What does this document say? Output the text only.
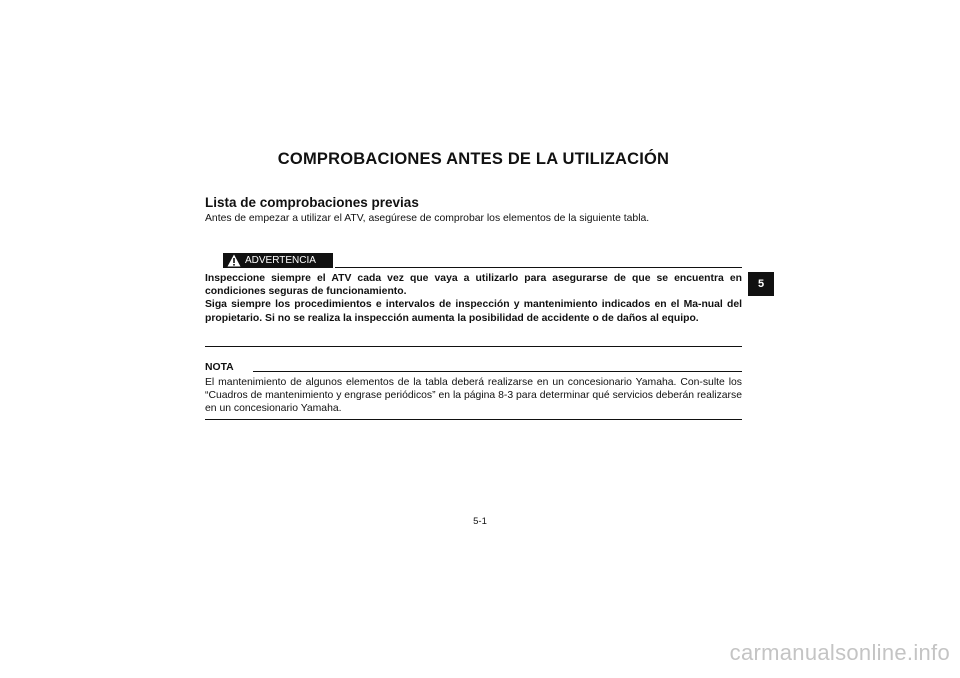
COMPROBACIONES ANTES DE LA UTILIZACIÓN
Lista de comprobaciones previas
Antes de empezar a utilizar el ATV, asegúrese de comprobar los elementos de la siguiente tabla.
ADVERTENCIA

Inspeccione siempre el ATV cada vez que vaya a utilizarlo para asegurarse de que se encuentra en condiciones seguras de funcionamiento.

Siga siempre los procedimientos e intervalos de inspección y mantenimiento indicados en el Ma-nual del propietario. Si no se realiza la inspección aumenta la posibilidad de accidente o de daños al equipo.

NOTA
El mantenimiento de algunos elementos de la tabla deberá realizarse en un concesionario Yamaha. Con-sulte los “Cuadros de mantenimiento y engrase periódicos” en la página 8-3 para determinar qué servicios deberán realizarse en un concesionario Yamaha.
5-1
5
carmanualsonline.info
